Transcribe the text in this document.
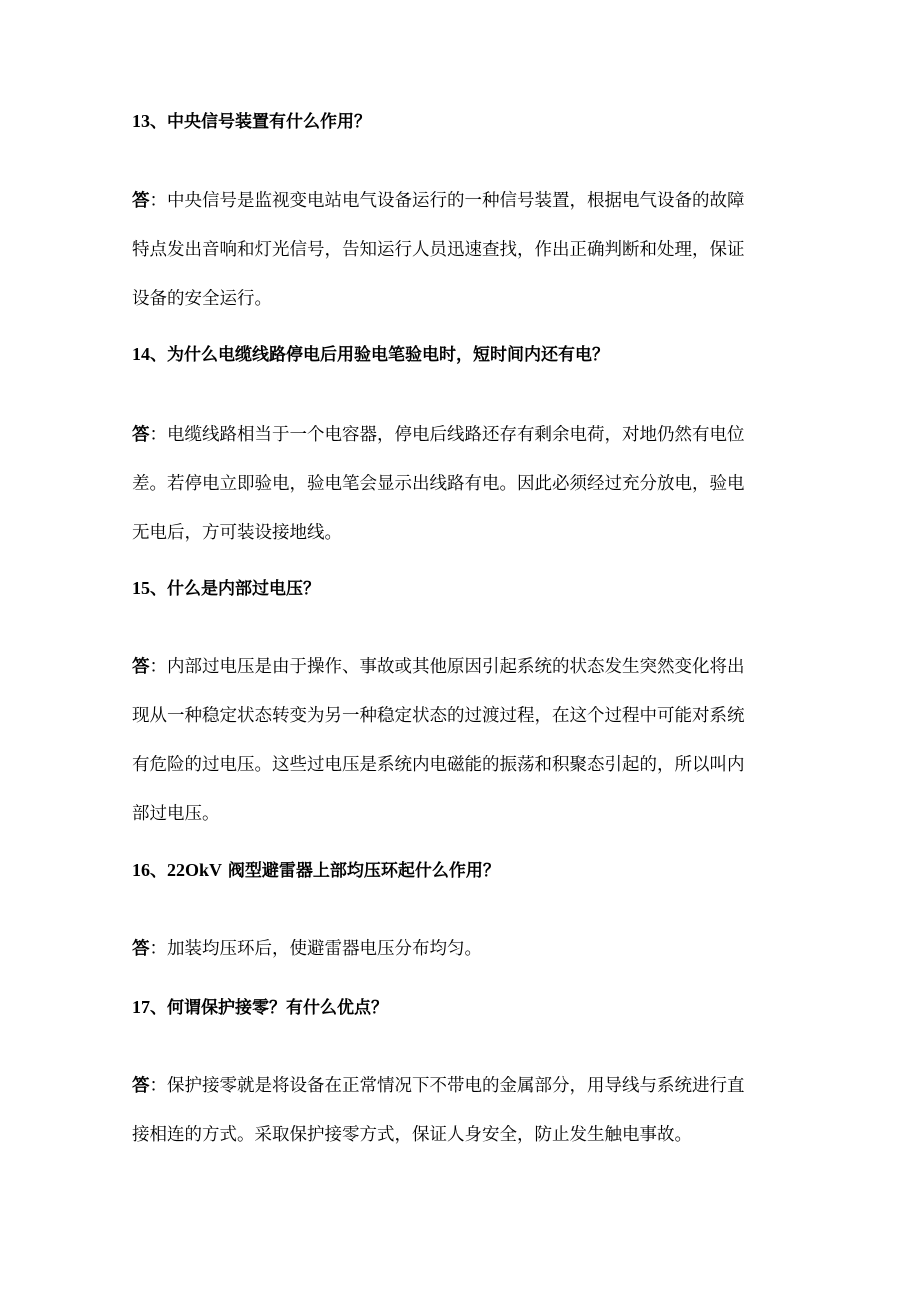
13、中央信号装置有什么作用？
答：中央信号是监视变电站电气设备运行的一种信号装置，根据电气设备的故障
特点发出音响和灯光信号，告知运行人员迅速查找，作出正确判断和处理，保证
设备的安全运行。
14、为什么电缆线路停电后用验电笔验电时，短时间内还有电？
答：电缆线路相当于一个电容器，停电后线路还存有剩余电荷，对地仍然有电位
差。若停电立即验电，验电笔会显示出线路有电。因此必须经过充分放电，验电
无电后，方可装设接地线。
15、什么是内部过电压？
答：内部过电压是由于操作、事故或其他原因引起系统的状态发生突然变化将出
现从一种稳定状态转变为另一种稳定状态的过渡过程，在这个过程中可能对系统
有危险的过电压。这些过电压是系统内电磁能的振荡和积聚态引起的，所以叫内
部过电压。
16、22OkV 阀型避雷器上部均压环起什么作用？
答：加装均压环后，使避雷器电压分布均匀。
17、何谓保护接零？有什么优点？
答：保护接零就是将设备在正常情况下不带电的金属部分，用导线与系统进行直
接相连的方式。采取保护接零方式，保证人身安全，防止发生触电事故。
